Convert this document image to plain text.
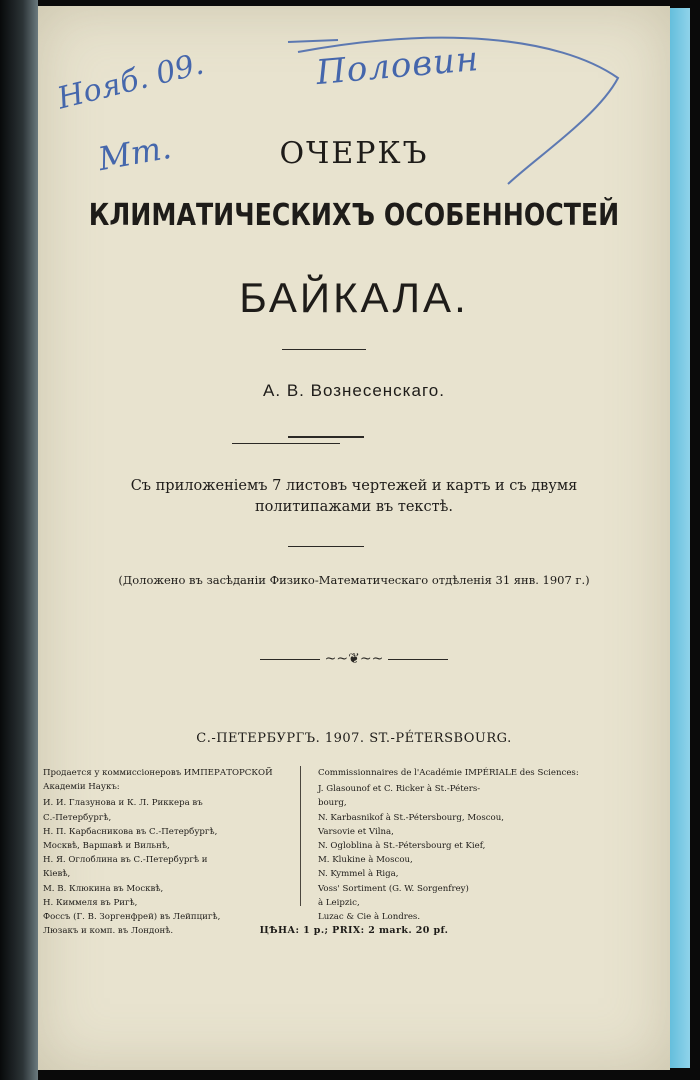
Нояб. 09.
Мт.
Половин
ОЧЕРКЪ
КЛИМАТИЧЕСКИХЪ ОСОБЕННОСТЕЙ
БАЙКАЛА.
А. В. Вознесенскаго.
Съ приложеніемъ 7 листовъ чертежей и картъ и съ двумя
политипажами въ текстѣ.
(Доложено въ засѣданіи Физико-Математическаго отдѣленія 31 янв. 1907 г.)
~~❦~~
С.-ПЕТЕРБУРГЪ. 1907. ST.-PÉTERSBOURG.
Продается у коммиссіонеровъ ИМПЕРАТОРСКОЙ Академіи Наукъ:
И. И. Глазунова и К. Л. Риккера въ
С.-Петербургѣ,
Н. П. Карбасникова въ С.-Петербургѣ,
Москвѣ, Варшавѣ и Вильнѣ,
Н. Я. Оглоблина въ С.-Петербургѣ и
Кіевѣ,
М. В. Клюкина въ Москвѣ,
Н. Киммеля въ Ригѣ,
Фоссъ (Г. В. Зоргенфрей) въ Лейпцигѣ,
Люзакъ и комп. въ Лондонѣ.
Commissionnaires de l'Académie IMPÉRIALE des Sciences:
J. Glasounof et C. Ricker à St.-Péters-
bourg,
N. Karbasnikof à St.-Pétersbourg, Moscou,
Varsovie et Vilna,
N. Ogloblina à St.-Pétersbourg et Kief,
M. Klukine à Moscou,
N. Kymmel à Riga,
Voss' Sortiment (G. W. Sorgenfrey)
à Leipzic,
Luzac & Cie à Londres.
ЦѢНА: 1 р.; PRIX: 2 mark. 20 pf.
